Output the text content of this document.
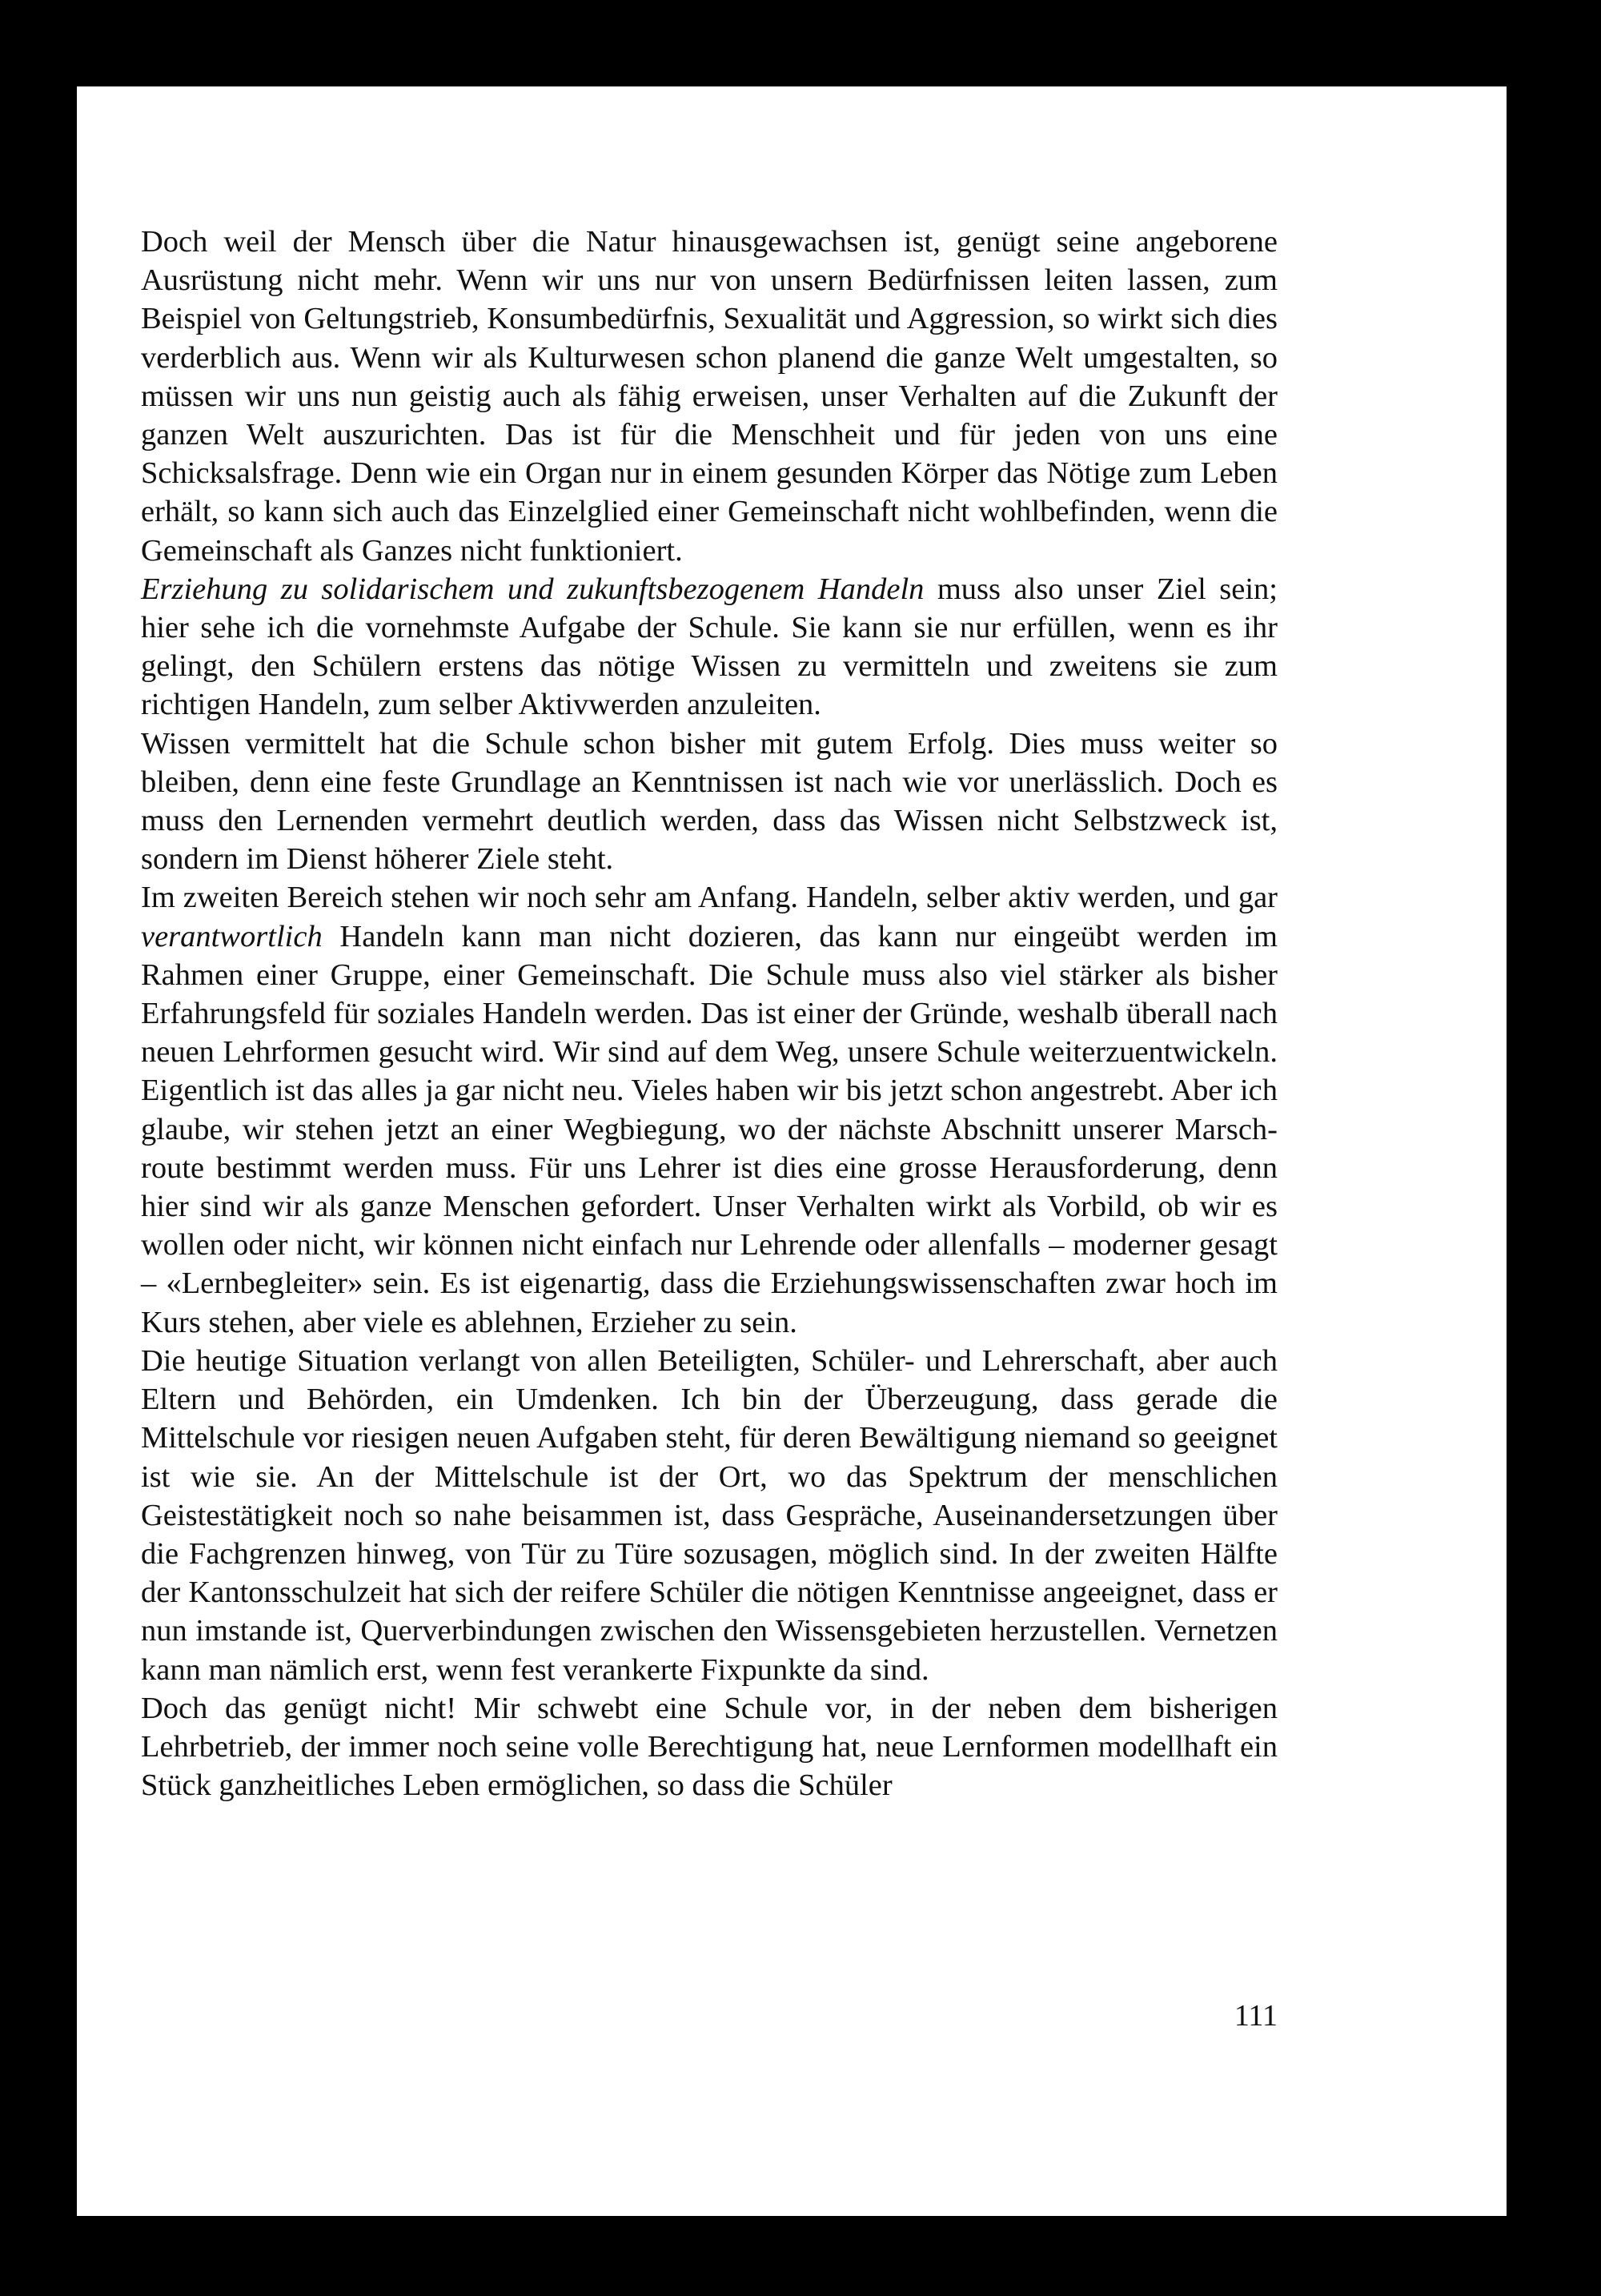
Doch weil der Mensch über die Natur hinausgewachsen ist, genügt seine angeborene Ausrüstung nicht mehr. Wenn wir uns nur von unsern Bedürfnissen leiten lassen, zum Beispiel von Geltungstrieb, Konsumbedürfnis, Sexualität und Aggression, so wirkt sich dies verderblich aus. Wenn wir als Kulturwesen schon planend die ganze Welt umgestalten, so müssen wir uns nun geistig auch als fähig erweisen, unser Verhalten auf die Zukunft der ganzen Welt auszurichten. Das ist für die Menschheit und für jeden von uns eine Schicksalsfrage. Denn wie ein Organ nur in einem gesunden Körper das Nötige zum Leben erhält, so kann sich auch das Einzelglied einer Gemeinschaft nicht wohlbefinden, wenn die Gemeinschaft als Ganzes nicht funktioniert.

Erziehung zu solidarischem und zukunftsbezogenem Handeln muss also unser Ziel sein; hier sehe ich die vornehmste Aufgabe der Schule. Sie kann sie nur erfüllen, wenn es ihr gelingt, den Schülern erstens das nötige Wissen zu vermitteln und zweitens sie zum richtigen Handeln, zum selber Aktivwerden anzuleiten.

Wissen vermittelt hat die Schule schon bisher mit gutem Erfolg. Dies muss weiter so bleiben, denn eine feste Grundlage an Kenntnissen ist nach wie vor unerlässlich. Doch es muss den Lernenden vermehrt deutlich werden, dass das Wissen nicht Selbstzweck ist, sondern im Dienst höherer Ziele steht.

Im zweiten Bereich stehen wir noch sehr am Anfang. Handeln, selber aktiv werden, und gar verantwortlich Handeln kann man nicht dozieren, das kann nur eingeübt werden im Rahmen einer Gruppe, einer Gemeinschaft. Die Schule muss also viel stärker als bisher Erfahrungsfeld für soziales Handeln werden. Das ist einer der Gründe, weshalb überall nach neuen Lehrformen gesucht wird. Wir sind auf dem Weg, unsere Schule weiterzuentwickeln. Eigentlich ist das alles ja gar nicht neu. Vieles haben wir bis jetzt schon angestrebt. Aber ich glaube, wir stehen jetzt an einer Wegbiegung, wo der nächste Abschnitt unserer Marschroute bestimmt werden muss. Für uns Lehrer ist dies eine grosse Herausforderung, denn hier sind wir als ganze Menschen gefordert. Unser Verhalten wirkt als Vorbild, ob wir es wollen oder nicht, wir können nicht einfach nur Lehrende oder allenfalls – moderner gesagt – «Lernbegleiter» sein. Es ist eigenartig, dass die Erziehungswissenschaften zwar hoch im Kurs stehen, aber viele es ablehnen, Erzieher zu sein.

Die heutige Situation verlangt von allen Beteiligten, Schüler- und Lehrerschaft, aber auch Eltern und Behörden, ein Umdenken. Ich bin der Überzeugung, dass gerade die Mittelschule vor riesigen neuen Aufgaben steht, für deren Bewältigung niemand so geeignet ist wie sie. An der Mittelschule ist der Ort, wo das Spektrum der menschlichen Geistestätigkeit noch so nahe beisammen ist, dass Gespräche, Auseinandersetzungen über die Fachgrenzen hinweg, von Tür zu Türe sozusagen, möglich sind. In der zweiten Hälfte der Kantonsschulzeit hat sich der reifere Schüler die nötigen Kenntnisse angeeignet, dass er nun imstande ist, Querverbindungen zwischen den Wissensgebieten herzustellen. Vernetzen kann man nämlich erst, wenn fest verankerte Fixpunkte da sind.

Doch das genügt nicht! Mir schwebt eine Schule vor, in der neben dem bisherigen Lehrbetrieb, der immer noch seine volle Berechtigung hat, neue Lernformen modellhaft ein Stück ganzheitliches Leben ermöglichen, so dass die Schüler

111
